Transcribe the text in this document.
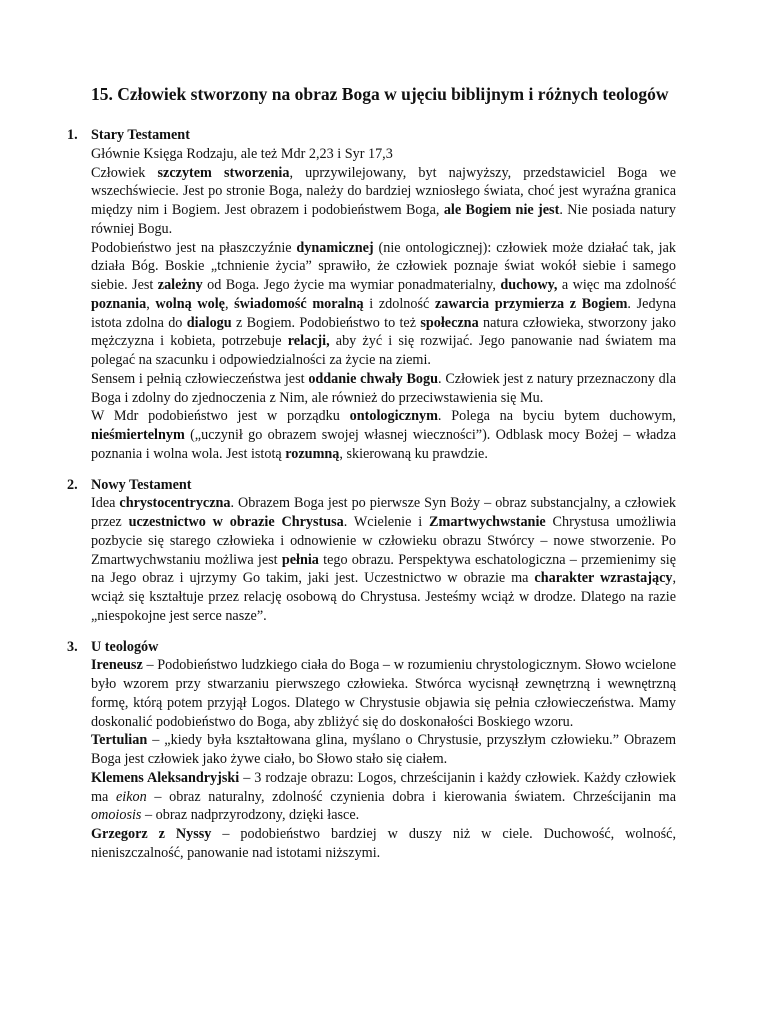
15. Człowiek stworzony na obraz Boga w ujęciu biblijnym i różnych teologów
1. Stary Testament

Głównie Księga Rodzaju, ale też Mdr 2,23 i Syr 17,3

Człowiek szczytem stworzenia, uprzywilejowany, byt najwyższy, przedstawiciel Boga we wszechświecie. Jest po stronie Boga, należy do bardziej wzniosłego świata, choć jest wyraźna granica między nim i Bogiem. Jest obrazem i podobieństwem Boga, ale Bogiem nie jest. Nie posiada natury równiej Bogu.

Podobieństwo jest na płaszczyźnie dynamicznej (nie ontologicznej): człowiek może działać tak, jak działa Bóg. Boskie „tchnienie życia” sprawiło, że człowiek poznaje świat wokół siebie i samego siebie. Jest zależny od Boga. Jego życie ma wymiar ponadmaterialny, duchowy, a więc ma zdolność poznania, wolną wolę, świadomość moralną i zdolność zawarcia przymierza z Bogiem. Jedyna istota zdolna do dialogu z Bogiem. Podobieństwo to też społeczna natura człowieka, stworzony jako mężczyzna i kobieta, potrzebuje relacji, aby żyć i się rozwijać. Jego panowanie nad światem ma polegać na szacunku i odpowiedzialności za życie na ziemi.

Sensem i pełnią człowieczeństwa jest oddanie chwały Bogu. Człowiek jest z natury przeznaczony dla Boga i zdolny do zjednoczenia z Nim, ale również do przeciwstawienia się Mu.

W Mdr podobieństwo jest w porządku ontologicznym. Polega na byciu bytem duchowym, nieśmiertelnym („uczynił go obrazem swojej własnej wieczności”). Odblask mocy Bożej – władza poznania i wolna wola. Jest istotą rozumną, skierowaną ku prawdzie.

2. Nowy Testament

Idea chrystocentryczna. Obrazem Boga jest po pierwsze Syn Boży – obraz substancjalny, a człowiek przez uczestnictwo w obrazie Chrystusa. Wcielenie i Zmartwychwstanie Chrystusa umożliwia pozbycie się starego człowieka i odnowienie w człowieku obrazu Stwórcy – nowe stworzenie. Po Zmartwychwstaniu możliwa jest pełnia tego obrazu. Perspektywa eschatologiczna – przemienimy się na Jego obraz i ujrzymy Go takim, jaki jest. Uczestnictwo w obrazie ma charakter wzrastający, wciąż się kształtuje przez relację osobową do Chrystusa. Jesteśmy wciąż w drodze. Dlatego na razie „niespokojne jest serce nasze”.

3. U teologów

Ireneusz – Podobieństwo ludzkiego ciała do Boga – w rozumieniu chrystologicznym. Słowo wcielone było wzorem przy stwarzaniu pierwszego człowieka. Stwórca wycisnął zewnętrzną i wewnętrzną formę, którą potem przyjął Logos. Dlatego w Chrystusie objawia się pełnia człowieczeństwa. Mamy doskonalić podobieństwo do Boga, aby zbliżyć się do doskonałości Boskiego wzoru.

Tertulian – „kiedy była kształtowana glina, myślano o Chrystusie, przyszłym człowieku.” Obrazem Boga jest człowiek jako żywe ciało, bo Słowo stało się ciałem.

Klemens Aleksandryjski – 3 rodzaje obrazu: Logos, chrześcijanin i każdy człowiek. Każdy człowiek ma eikon – obraz naturalny, zdolność czynienia dobra i kierowania światem. Chrześcijanin ma omoiosis – obraz nadprzyrodzony, dzięki łasce.

Grzegorz z Nyssy – podobieństwo bardziej w duszy niż w ciele. Duchowość, wolność, nieniszczalność, panowanie nad istotami niższymi.
